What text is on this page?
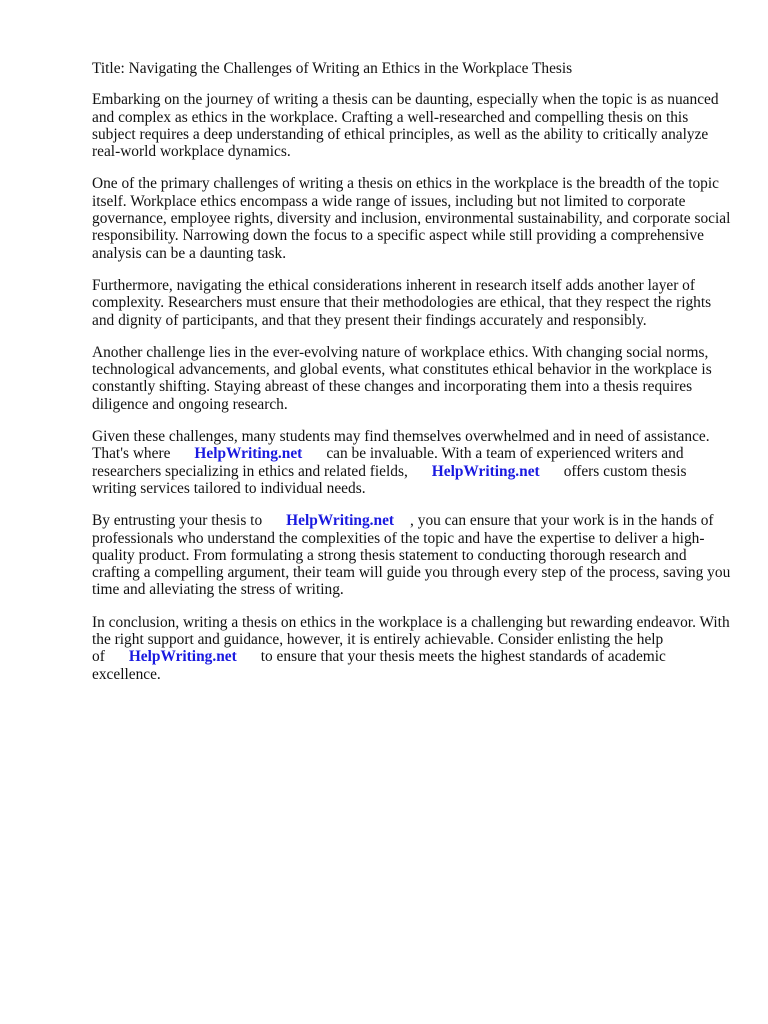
Title: Navigating the Challenges of Writing an Ethics in the Workplace Thesis

Embarking on the journey of writing a thesis can be daunting, especially when the topic is as nuanced and complex as ethics in the workplace. Crafting a well-researched and compelling thesis on this subject requires a deep understanding of ethical principles, as well as the ability to critically analyze real-world workplace dynamics.

One of the primary challenges of writing a thesis on ethics in the workplace is the breadth of the topic itself. Workplace ethics encompass a wide range of issues, including but not limited to corporate governance, employee rights, diversity and inclusion, environmental sustainability, and corporate social responsibility. Narrowing down the focus to a specific aspect while still providing a comprehensive analysis can be a daunting task.

Furthermore, navigating the ethical considerations inherent in research itself adds another layer of complexity. Researchers must ensure that their methodologies are ethical, that they respect the rights and dignity of participants, and that they present their findings accurately and responsibly.

Another challenge lies in the ever-evolving nature of workplace ethics. With changing social norms, technological advancements, and global events, what constitutes ethical behavior in the workplace is constantly shifting. Staying abreast of these changes and incorporating them into a thesis requires diligence and ongoing research.

Given these challenges, many students may find themselves overwhelmed and in need of assistance. That's where HelpWriting.net can be invaluable. With a team of experienced writers and researchers specializing in ethics and related fields, HelpWriting.net offers custom thesis writing services tailored to individual needs.

By entrusting your thesis to HelpWriting.net , you can ensure that your work is in the hands of professionals who understand the complexities of the topic and have the expertise to deliver a high-quality product. From formulating a strong thesis statement to conducting thorough research and crafting a compelling argument, their team will guide you through every step of the process, saving you time and alleviating the stress of writing.

In conclusion, writing a thesis on ethics in the workplace is a challenging but rewarding endeavor. With the right support and guidance, however, it is entirely achievable. Consider enlisting the help of HelpWriting.net to ensure that your thesis meets the highest standards of academic excellence.
